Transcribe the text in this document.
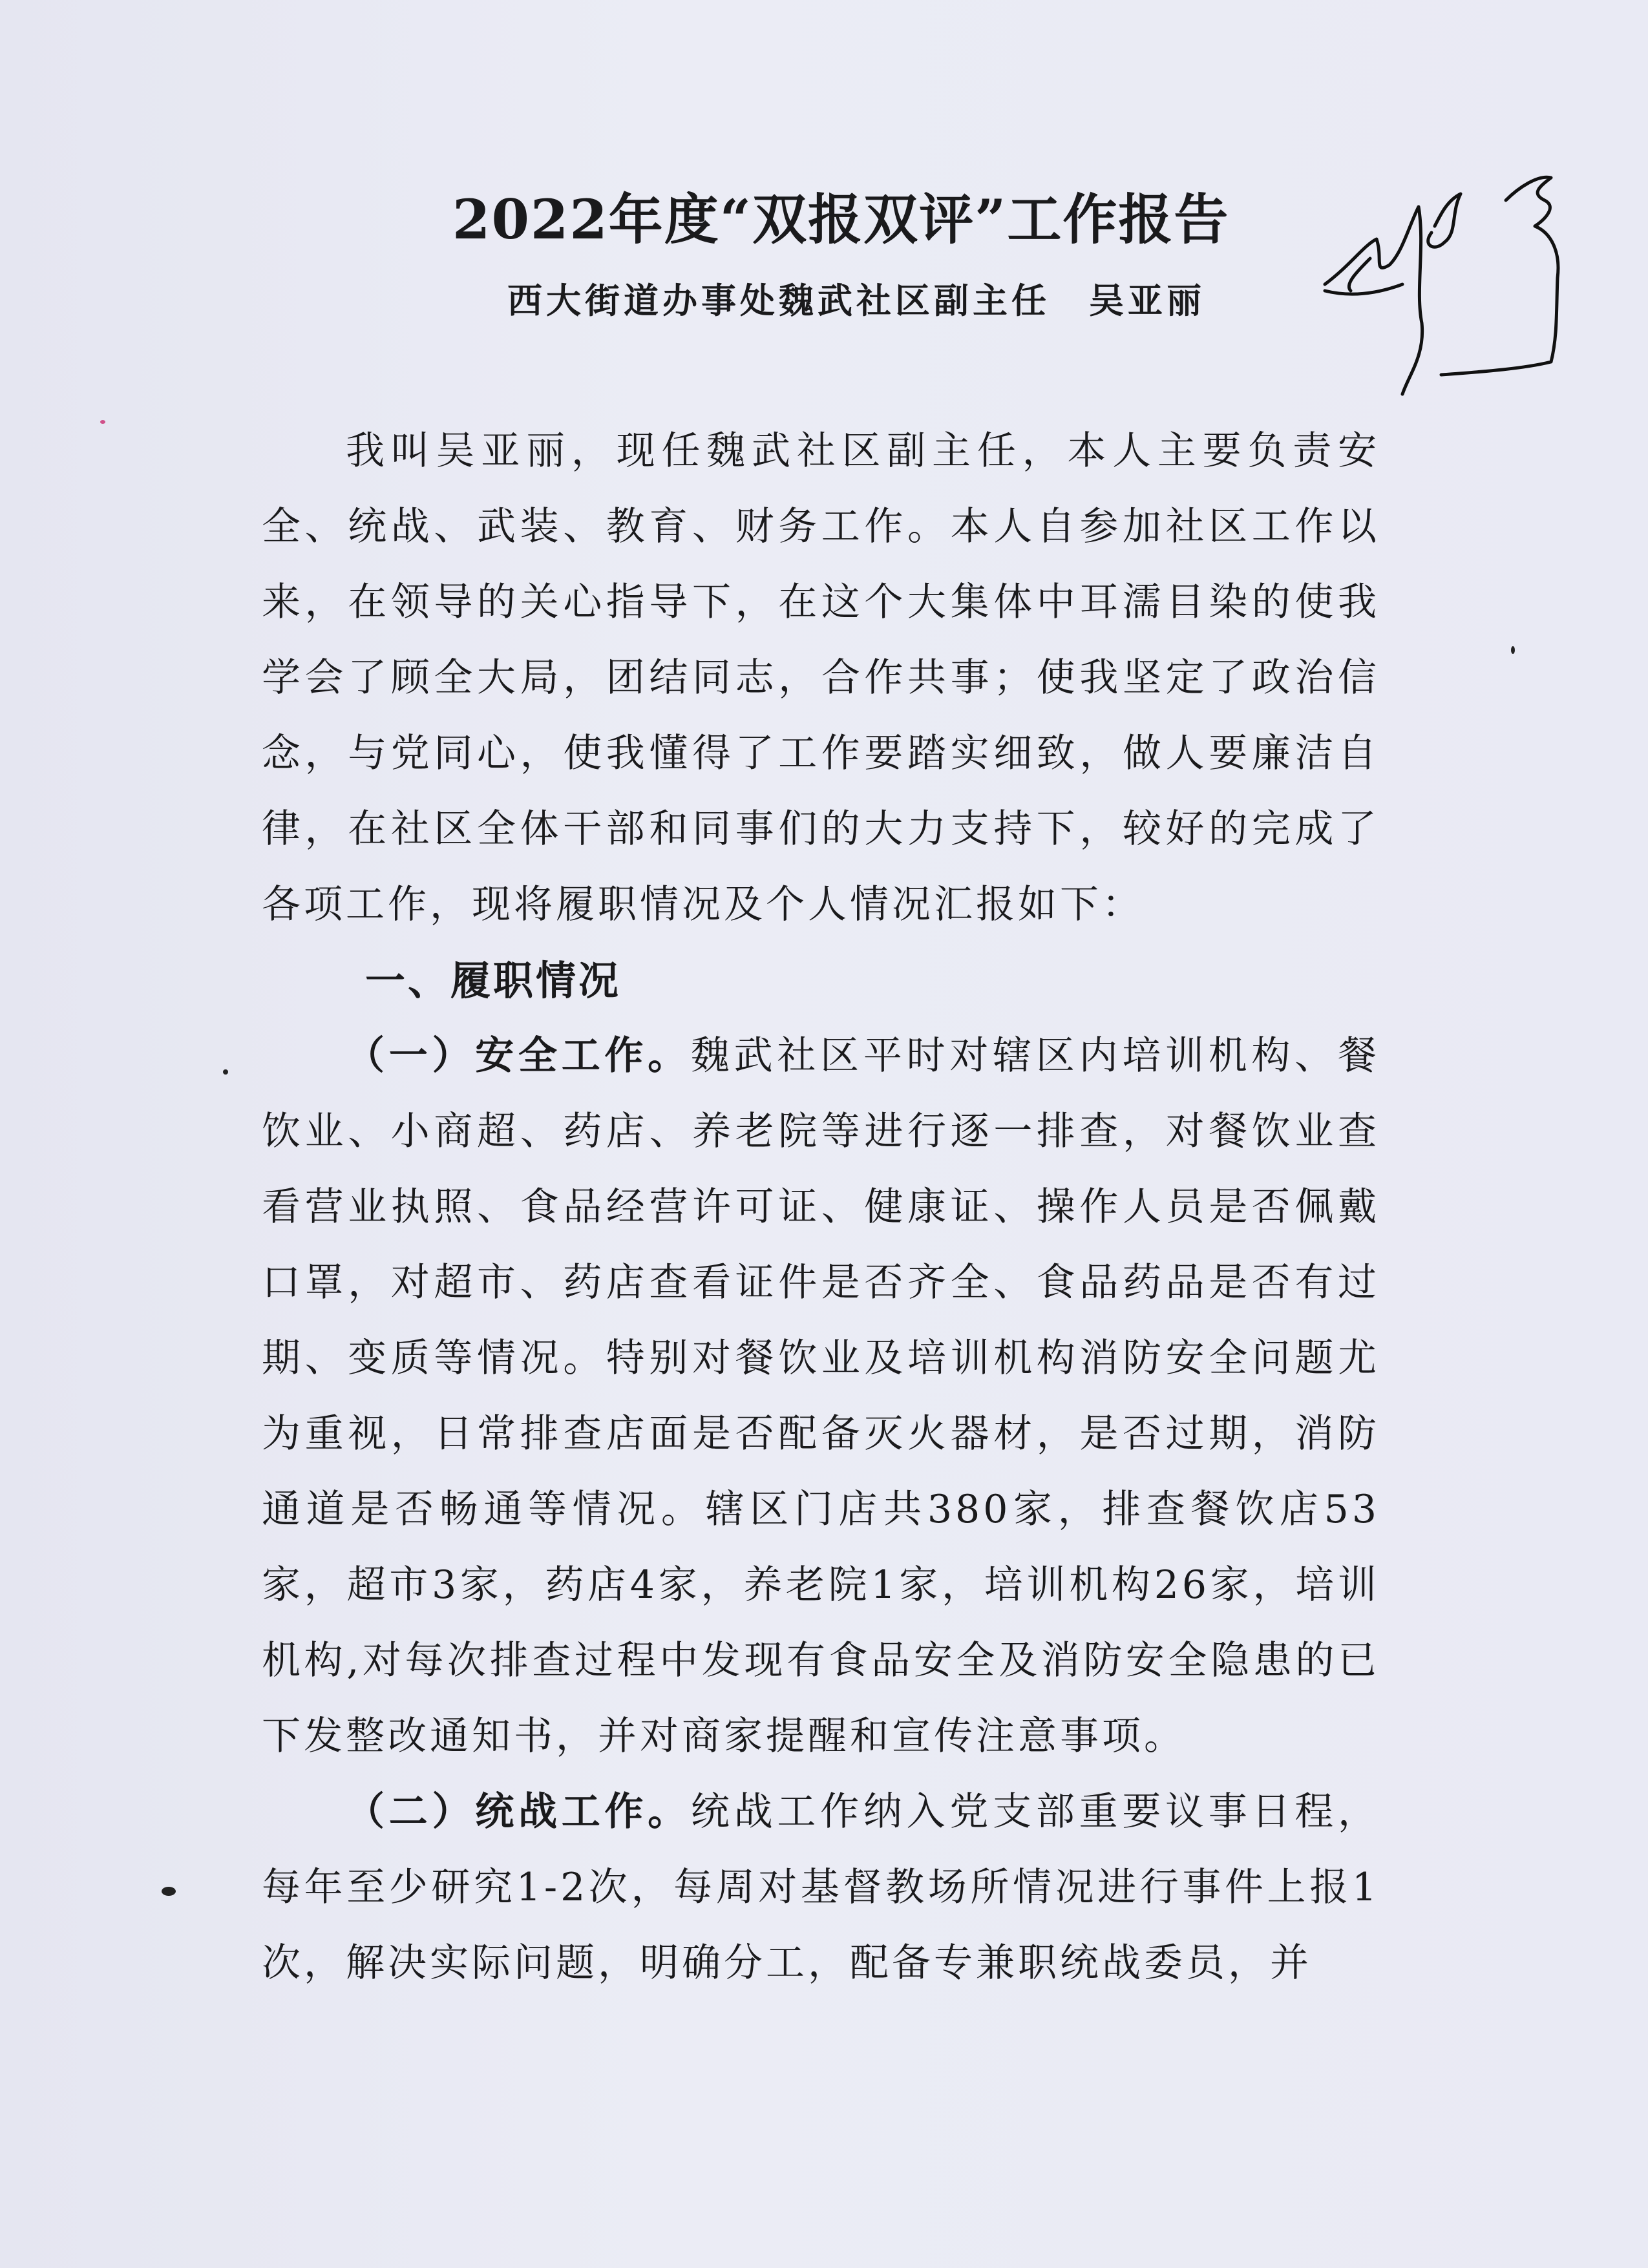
2022年度“双报双评”工作报告
西大街道办事处魏武社区副主任 吴亚丽

我叫吴亚丽，现任魏武社区副主任，本人主要负责安全、统战、武装、教育、财务工作。本人自参加社区工作以来，在领导的关心指导下，在这个大集体中耳濡目染的使我学会了顾全大局，团结同志，合作共事；使我坚定了政治信念，与党同心，使我懂得了工作要踏实细致，做人要廉洁自律，在社区全体干部和同事们的大力支持下，较好的完成了各项工作，现将履职情况及个人情况汇报如下：

一、履职情况

（一）安全工作。魏武社区平时对辖区内培训机构、餐饮业、小商超、药店、养老院等进行逐一排查，对餐饮业查看营业执照、食品经营许可证、健康证、操作人员是否佩戴口罩，对超市、药店查看证件是否齐全、食品药品是否有过期、变质等情况。特别对餐饮业及培训机构消防安全问题尤为重视，日常排查店面是否配备灭火器材，是否过期，消防通道是否畅通等情况。辖区门店共380家，排查餐饮店53家，超市3家，药店4家，养老院1家，培训机构26家，培训机构,对每次排查过程中发现有食品安全及消防安全隐患的已下发整改通知书，并对商家提醒和宣传注意事项。

（二）统战工作。统战工作纳入党支部重要议事日程，每年至少研究1-2次，每周对基督教场所情况进行事件上报1次，解决实际问题，明确分工，配备专兼职统战委员，并
